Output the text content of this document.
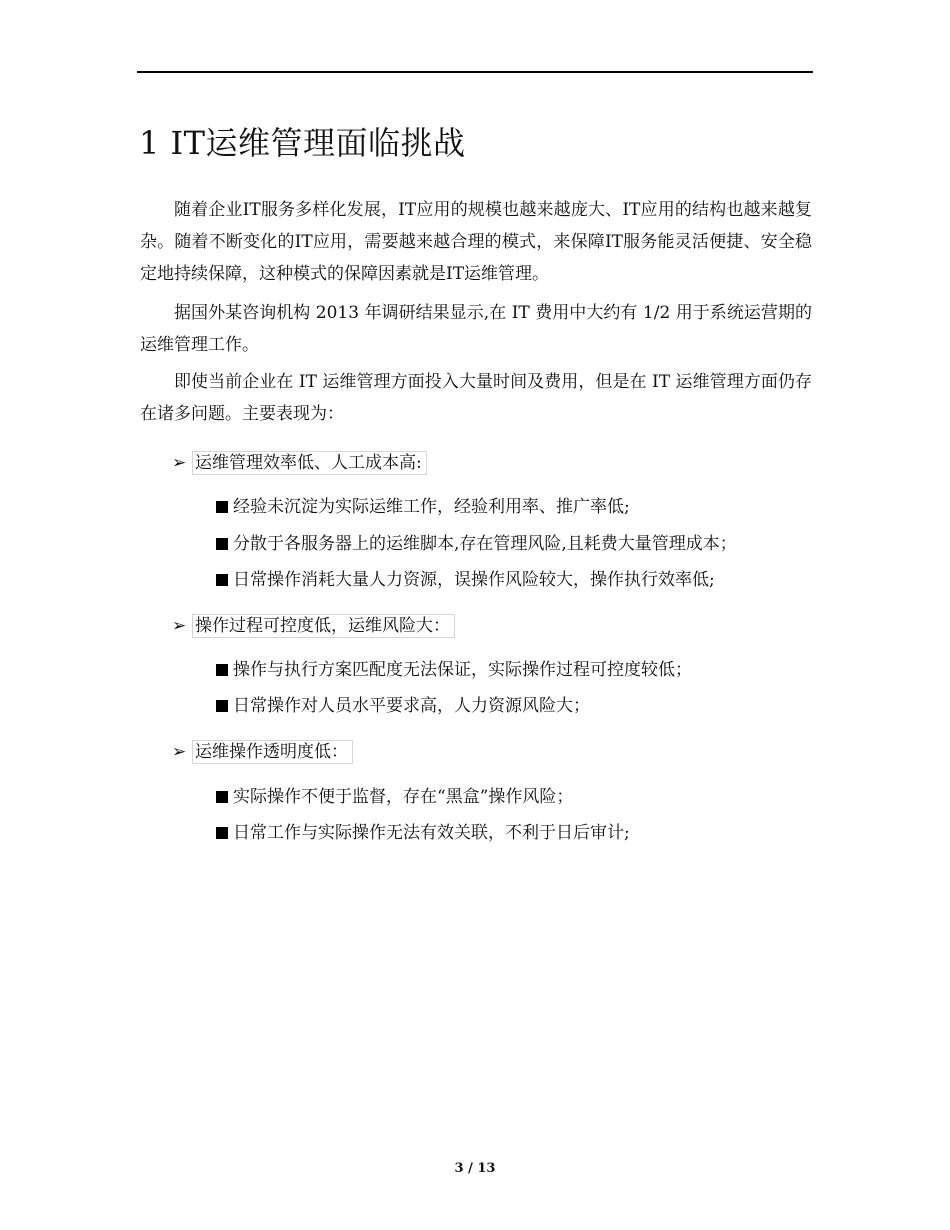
1 IT运维管理面临挑战

随着企业IT服务多样化发展，IT应用的规模也越来越庞大、IT应用的结构也越来越复杂。随着不断变化的IT应用，需要越来越合理的模式，来保障IT服务能灵活便捷、安全稳定地持续保障，这种模式的保障因素就是IT运维管理。

据国外某咨询机构 2013 年调研结果显示,在 IT 费用中大约有 1/2 用于系统运营期的运维管理工作。

即使当前企业在 IT 运维管理方面投入大量时间及费用，但是在 IT 运维管理方面仍存在诸多问题。主要表现为：

➢ 运维管理效率低、人工成本高:
经验未沉淀为实际运维工作，经验利用率、推广率低;
分散于各服务器上的运维脚本,存在管理风险,且耗费大量管理成本；
日常操作消耗大量人力资源，误操作风险较大，操作执行效率低;
➢ 操作过程可控度低，运维风险大：
操作与执行方案匹配度无法保证，实际操作过程可控度较低；
日常操作对人员水平要求高，人力资源风险大；
➢ 运维操作透明度低：
实际操作不便于监督，存在“黑盒”操作风险；
日常工作与实际操作无法有效关联，不利于日后审计;
3 / 13
